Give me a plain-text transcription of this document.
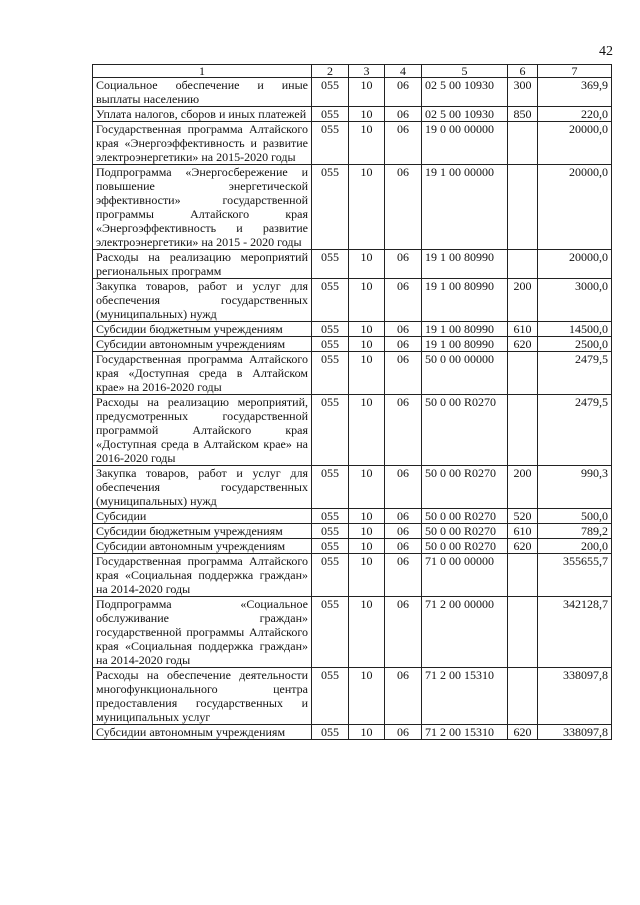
42
1	2	3	4	5	6	7
Социальное обеспечение и иные выплаты населению	055	10	06	02 5 00 10930	300	369,9
Уплата налогов, сборов и иных платежей	055	10	06	02 5 00 10930	850	220,0
Государственная программа Алтайского края «Энергоэффективность и развитие электроэнергетики» на 2015-2020 годы	055	10	06	19 0 00 00000		20000,0
Подпрограмма «Энергосбережение и повышение энергетической эффективности» государственной программы Алтайского края «Энергоэффективность и развитие электроэнергетики» на 2015 - 2020 годы	055	10	06	19 1 00 00000		20000,0
Расходы на реализацию мероприятий региональных программ	055	10	06	19 1 00 80990		20000,0
Закупка товаров, работ и услуг для обеспечения государственных (муниципальных) нужд	055	10	06	19 1 00 80990	200	3000,0
Субсидии бюджетным учреждениям	055	10	06	19 1 00 80990	610	14500,0
Субсидии автономным учреждениям	055	10	06	19 1 00 80990	620	2500,0
Государственная программа Алтайского края «Доступная среда в Алтайском крае» на 2016-2020 годы	055	10	06	50 0 00 00000		2479,5
Расходы на реализацию мероприятий, предусмотренных государственной программой Алтайского края «Доступная среда в Алтайском крае» на 2016-2020 годы	055	10	06	50 0 00 R0270		2479,5
Закупка товаров, работ и услуг для обеспечения государственных (муниципальных) нужд	055	10	06	50 0 00 R0270	200	990,3
Субсидии	055	10	06	50 0 00 R0270	520	500,0
Субсидии бюджетным учреждениям	055	10	06	50 0 00 R0270	610	789,2
Субсидии автономным учреждениям	055	10	06	50 0 00 R0270	620	200,0
Государственная программа Алтайского края «Социальная поддержка граждан» на 2014-2020 годы	055	10	06	71 0 00 00000		355655,7
Подпрограмма «Социальное обслуживание граждан» государственной программы Алтайского края «Социальная поддержка граждан» на 2014-2020 годы	055	10	06	71 2 00 00000		342128,7
Расходы на обеспечение деятельности многофункционального центра предоставления государственных и муниципальных услуг	055	10	06	71 2 00 15310		338097,8
Субсидии автономным учреждениям	055	10	06	71 2 00 15310	620	338097,8
